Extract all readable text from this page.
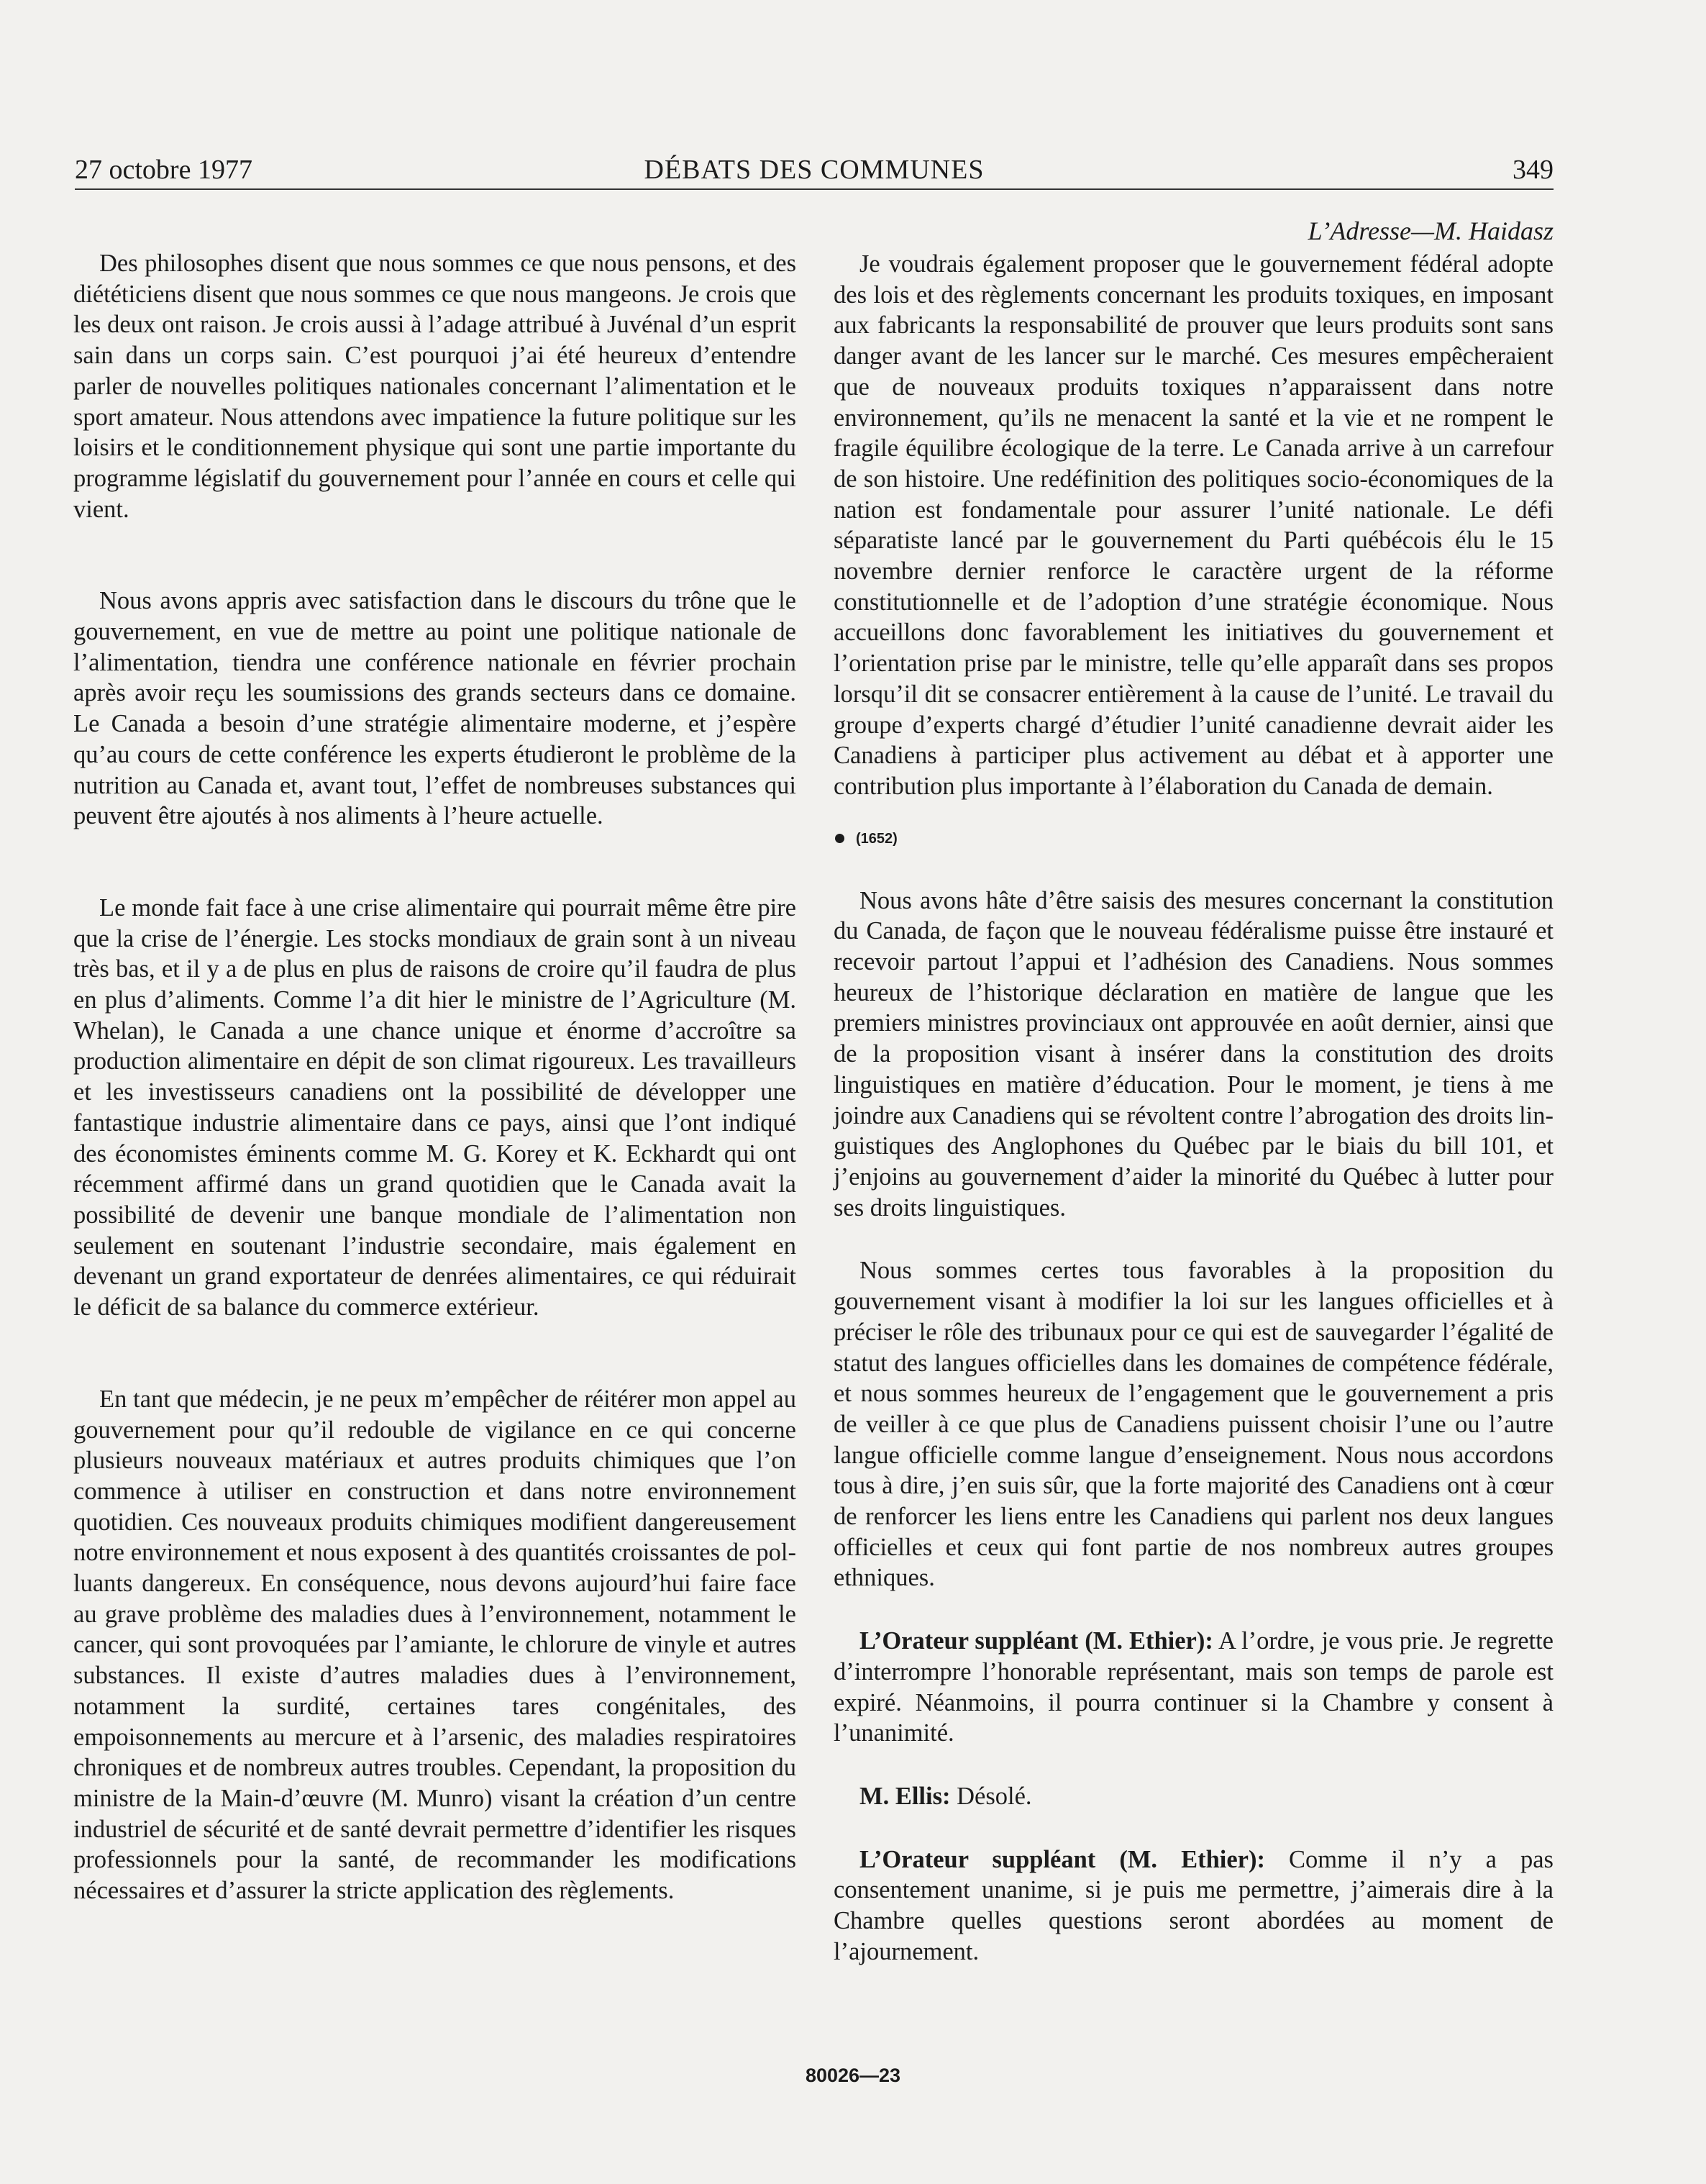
27 octobre 1977	DÉBATS DES COMMUNES	349

Des philosophes disent que nous sommes ce que nous pensons, et des diététiciens disent que nous sommes ce que nous mangeons. Je crois que les deux ont raison. Je crois aussi à l’adage attribué à Juvénal d’un esprit sain dans un corps sain. C’est pourquoi j’ai été heureux d’entendre parler de nouvelles politiques nationales concernant l’alimentation et le sport amateur. Nous attendons avec impatience la future politique sur les loisirs et le conditionnement physique qui sont une partie importante du programme législatif du gouvernement pour l’année en cours et celle qui vient.

Nous avons appris avec satisfaction dans le discours du trône que le gouvernement, en vue de mettre au point une politique nationale de l’alimentation, tiendra une conférence nationale en février prochain après avoir reçu les soumissions des grands secteurs dans ce domaine. Le Canada a besoin d’une stratégie alimentaire moderne, et j’espère qu’au cours de cette conférence les experts étudieront le problème de la nutrition au Canada et, avant tout, l’effet de nombreuses substances qui peuvent être ajoutés à nos aliments à l’heure actuelle.

Le monde fait face à une crise alimentaire qui pourrait même être pire que la crise de l’énergie. Les stocks mondiaux de grain sont à un niveau très bas, et il y a de plus en plus de raisons de croire qu’il faudra de plus en plus d’aliments. Comme l’a dit hier le ministre de l’Agriculture (M. Whelan), le Canada a une chance unique et énorme d’accroître sa production alimentaire en dépit de son climat rigoureux. Les travailleurs et les investisseurs canadiens ont la possibilité de développer une fantastique industrie alimentaire dans ce pays, ainsi que l’ont indiqué des économistes éminents comme M. G. Korey et K. Eckhardt qui ont récemment affirmé dans un grand quotidien que le Canada avait la possibilité de devenir une banque mondiale de l’alimentation non seulement en soutenant l’industrie secondaire, mais également en devenant un grand exportateur de denrées alimentaires, ce qui réduirait le déficit de sa balance du commerce extérieur.

En tant que médecin, je ne peux m’empêcher de réitérer mon appel au gouvernement pour qu’il redouble de vigilance en ce qui concerne plusieurs nouveaux matériaux et autres produits chimiques que l’on commence à utiliser en construction et dans notre environnement quotidien. Ces nouveaux produits chimiques modifient dangereusement notre environnement et nous exposent à des quantités croissantes de polluants dangereux. En conséquence, nous devons aujourd’hui faire face au grave problème des maladies dues à l’environnement, notamment le cancer, qui sont provoquées par l’amiante, le chlorure de vinyle et autres substances. Il existe d’autres maladies dues à l’environnement, notamment la surdité, certaines tares congénitales, des empoisonnements au mercure et à l’arsenic, des maladies respiratoires chroniques et de nombreux autres troubles. Cependant, la proposition du ministre de la Main-d’œuvre (M. Munro) visant la création d’un centre industriel de sécurité et de santé devrait permettre d’identifier les risques professionnels pour la santé, de recommander les modifications nécessaires et d’assurer la stricte application des règlements.

L’Adresse—M. Haidasz

Je voudrais également proposer que le gouvernement fédéral adopte des lois et des règlements concernant les produits toxiques, en imposant aux fabricants la responsabilité de prouver que leurs produits sont sans danger avant de les lancer sur le marché. Ces mesures empêcheraient que de nouveaux produits toxiques n’apparaissent dans notre environnement, qu’ils ne menacent la santé et la vie et ne rompent le fragile équilibre écologique de la terre. Le Canada arrive à un carrefour de son histoire. Une redéfinition des politiques socio-économiques de la nation est fondamentale pour assurer l’unité nationale. Le défi séparatiste lancé par le gouvernement du Parti québécois élu le 15 novembre dernier renforce le caractère urgent de la réforme constitutionnelle et de l’adoption d’une stratégie économique. Nous accueillons donc favorablement les initiatives du gouvernement et l’orientation prise par le ministre, telle qu’elle apparaît dans ses propos lorsqu’il dit se consacrer entièrement à la cause de l’unité. Le travail du groupe d’experts chargé d’étudier l’unité canadienne devrait aider les Canadiens à participer plus activement au débat et à apporter une contribution plus importante à l’élaboration du Canada de demain.

(1652)

Nous avons hâte d’être saisis des mesures concernant la constitution du Canada, de façon que le nouveau fédéralisme puisse être instauré et recevoir partout l’appui et l’adhésion des Canadiens. Nous sommes heureux de l’historique déclaration en matière de langue que les premiers ministres provinciaux ont approuvée en août dernier, ainsi que de la proposition visant à insérer dans la constitution des droits linguistiques en matière d’éducation. Pour le moment, je tiens à me joindre aux Canadiens qui se révoltent contre l’abrogation des droits linguistiques des Anglophones du Québec par le biais du bill 101, et j’enjoins au gouvernement d’aider la minorité du Québec à lutter pour ses droits linguistiques.

Nous sommes certes tous favorables à la proposition du gouvernement visant à modifier la loi sur les langues officielles et à préciser le rôle des tribunaux pour ce qui est de sauvegarder l’égalité de statut des langues officielles dans les domaines de compétence fédérale, et nous sommes heureux de l’engagement que le gouvernement a pris de veiller à ce que plus de Canadiens puissent choisir l’une ou l’autre langue officielle comme langue d’enseignement. Nous nous accordons tous à dire, j’en suis sûr, que la forte majorité des Canadiens ont à cœur de renforcer les liens entre les Canadiens qui parlent nos deux langues officielles et ceux qui font partie de nos nombreux autres groupes ethniques.

L’Orateur suppléant (M. Ethier): A l’ordre, je vous prie. Je regrette d’interrompre l’honorable représentant, mais son temps de parole est expiré. Néanmoins, il pourra continuer si la Chambre y consent à l’unanimité.

M. Ellis: Désolé.

L’Orateur suppléant (M. Ethier): Comme il n’y a pas consentement unanime, si je puis me permettre, j’aimerais dire à la Chambre quelles questions seront abordées au moment de l’ajournement.

80026—23
